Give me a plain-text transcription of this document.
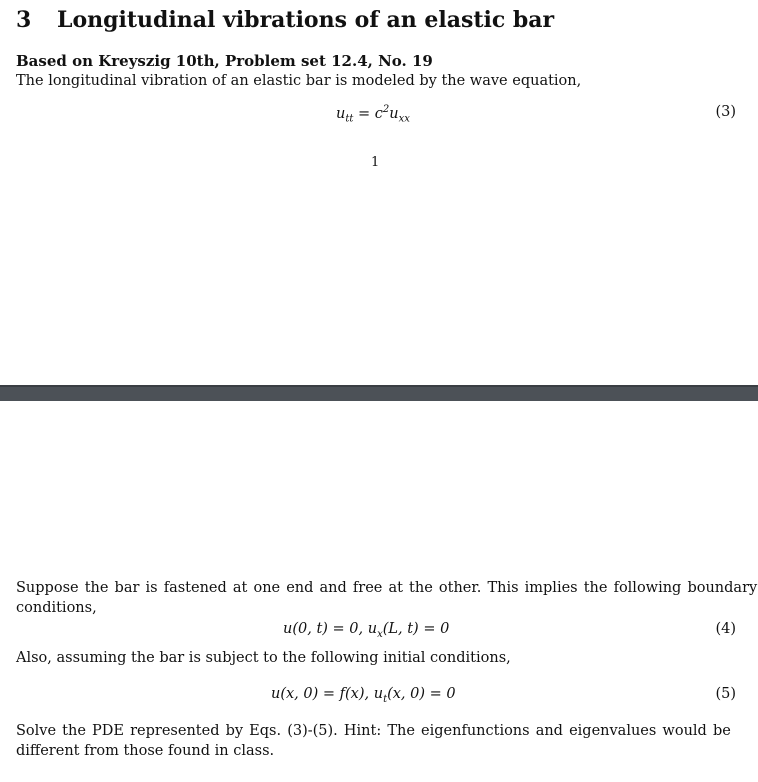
3 Longitudinal vibrations of an elastic bar
Based on Kreyszig 10th, Problem set 12.4, No. 19
The longitudinal vibration of an elastic bar is modeled by the wave equation,
$u_{tt} = c^2u_{xx}$	(3)
1
Suppose the bar is fastened at one end and free at the other. This implies the following boundary
conditions,
u(0, t) = 0, $u_x(L$, t) = 0	(4)
Also, assuming the bar is subject to the following initial conditions,
u(x, 0) = f(x), $u_t(x$, 0) = 0	(5)
Solve the PDE represented by Eqs. (3)-(5). Hint: The eigenfunctions and eigenvalues would be
different from those found in class.
